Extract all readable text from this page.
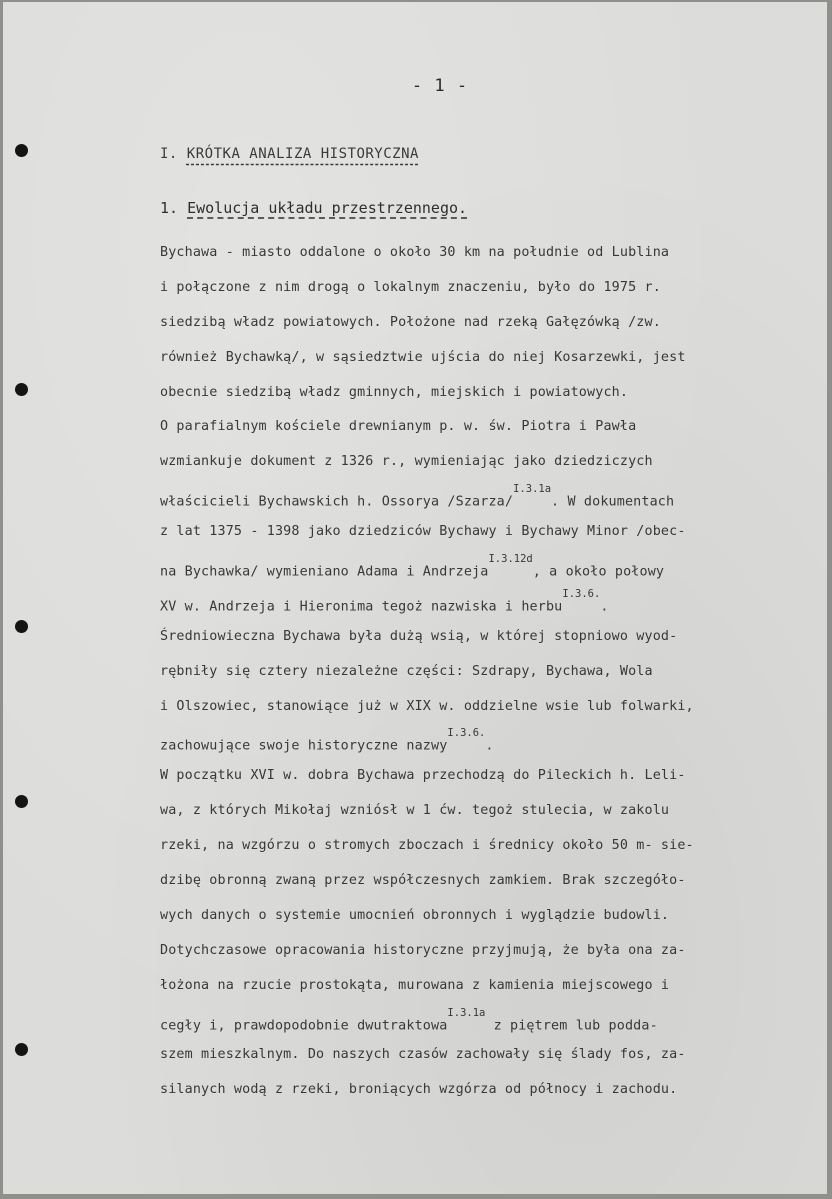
- 1 -
I. KRÓTKA ANALIZA HISTORYCZNA
1. Ewolucja układu przestrzennego.
Bychawa - miasto oddalone o około 30 km na południe od Lublina
i połączone z nim drogą o lokalnym znaczeniu, było do 1975 r.
siedzibą władz powiatowych. Położone nad rzeką Gałęzówką /zw.
również Bychawką/, w sąsiedztwie ujścia do niej Kosarzewki, jest
obecnie siedzibą władz gminnych, miejskich i powiatowych.
O parafialnym kościele drewnianym p. w. św. Piotra i Pawła
wzmiankuje dokument z 1326 r., wymieniając jako dziedziczych
właścicieli Bychawskich h. Ossorya /Szarza/$^{I.3.1a}$. W dokumentach
z lat 1375 - 1398 jako dziedziców Bychawy i Bychawy Minor /obec-
na Bychawka/ wymieniano Adama i Andrzeja$^{I.3.12d}$, a około połowy
XV w. Andrzeja i Hieronima tegoż nazwiska i herbu$^{I.3.6.}$.
Średniowieczna Bychawa była dużą wsią, w której stopniowo wyod-
rębniły się cztery niezależne części: Szdrapy, Bychawa, Wola
i Olszowiec, stanowiące już w XIX w. oddzielne wsie lub folwarki,
zachowujące swoje historyczne nazwy$^{I.3.6.}$.
W początku XVI w. dobra Bychawa przechodzą do Pileckich h. Leli-
wa, z których Mikołaj wzniósł w 1 ćw. tegoż stulecia, w zakolu
rzeki, na wzgórzu o stromych zboczach i średnicy około 50 m- sie-
dzibę obronną zwaną przez współczesnych zamkiem. Brak szczegóło-
wych danych o systemie umocnień obronnych i wyglądzie budowli.
Dotychczasowe opracowania historyczne przyjmują, że była ona za-
łożona na rzucie prostokąta, murowana z kamienia miejscowego i
cegły i, prawdopodobnie dwutraktowa$^{I.3.1a}$ z piętrem lub podda-
szem mieszkalnym. Do naszych czasów zachowały się ślady fos, za-
silanych wodą z rzeki, broniących wzgórza od północy i zachodu.
